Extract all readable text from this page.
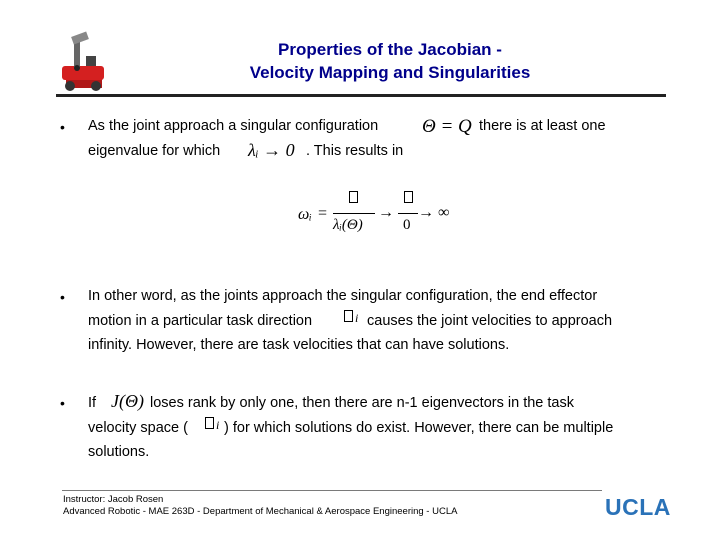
Properties of the Jacobian -
Velocity Mapping and Singularities
• As the joint approach a singular configuration Θ = Q there is at least one
eigenvalue for which λᵢ → 0 . This results in
ωᵢ =
λᵢ(Θ)
→
0
→ ∞
• In other word, as the joints approach the singular configuration, the end effector
motion in a particular task direction	i causes the joint velocities to approach
infinity. However, there are task velocities that can have solutions.
• If J(Θ) loses rank by only one, then there are n-1 eigenvectors in the task
velocity space (	i ) for which solutions do exist. However, there can be multiple
solutions.
Instructor: Jacob Rosen
Advanced Robotic - MAE 263D - Department of Mechanical & Aerospace Engineering - UCLA	UCLA
